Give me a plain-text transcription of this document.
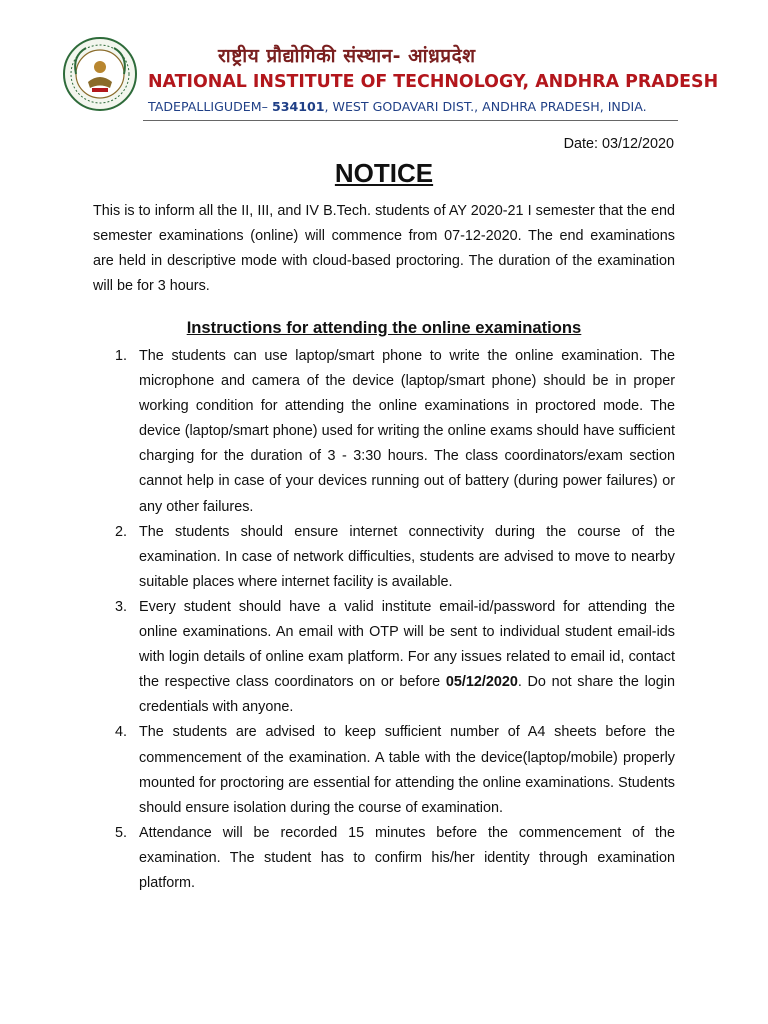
राष्ट्रीय प्रौद्योगिकी संस्थान- आंध्रप्रदेश
NATIONAL INSTITUTE OF TECHNOLOGY, ANDHRA PRADESH
TADEPALLIGUDEM– 534101, WEST GODAVARI DIST., ANDHRA PRADESH, INDIA.
Date: 03/12/2020
NOTICE

This is to inform all the II, III, and IV B.Tech. students of AY 2020-21 I semester that the end semester examinations (online) will commence from 07-12-2020. The end examinations are held in descriptive mode with cloud-based proctoring. The duration of the examination will be for 3 hours.

Instructions for attending the online examinations
1. The students can use laptop/smart phone to write the online examination. The microphone and camera of the device (laptop/smart phone) should be in proper working condition for attending the online examinations in proctored mode. The device (laptop/smart phone) used for writing the online exams should have sufficient charging for the duration of 3 - 3:30 hours. The class coordinators/exam section cannot help in case of your devices running out of battery (during power failures) or any other failures.
2. The students should ensure internet connectivity during the course of the examination. In case of network difficulties, students are advised to move to nearby suitable places where internet facility is available.
3. Every student should have a valid institute email-id/password for attending the online examinations. An email with OTP will be sent to individual student email-ids with login details of online exam platform. For any issues related to email id, contact the respective class coordinators on or before 05/12/2020. Do not share the login credentials with anyone.
4. The students are advised to keep sufficient number of A4 sheets before the commencement of the examination. A table with the device(laptop/mobile) properly mounted for proctoring are essential for attending the online examinations. Students should ensure isolation during the course of examination.
5. Attendance will be recorded 15 minutes before the commencement of the examination. The student has to confirm his/her identity through examination platform.
